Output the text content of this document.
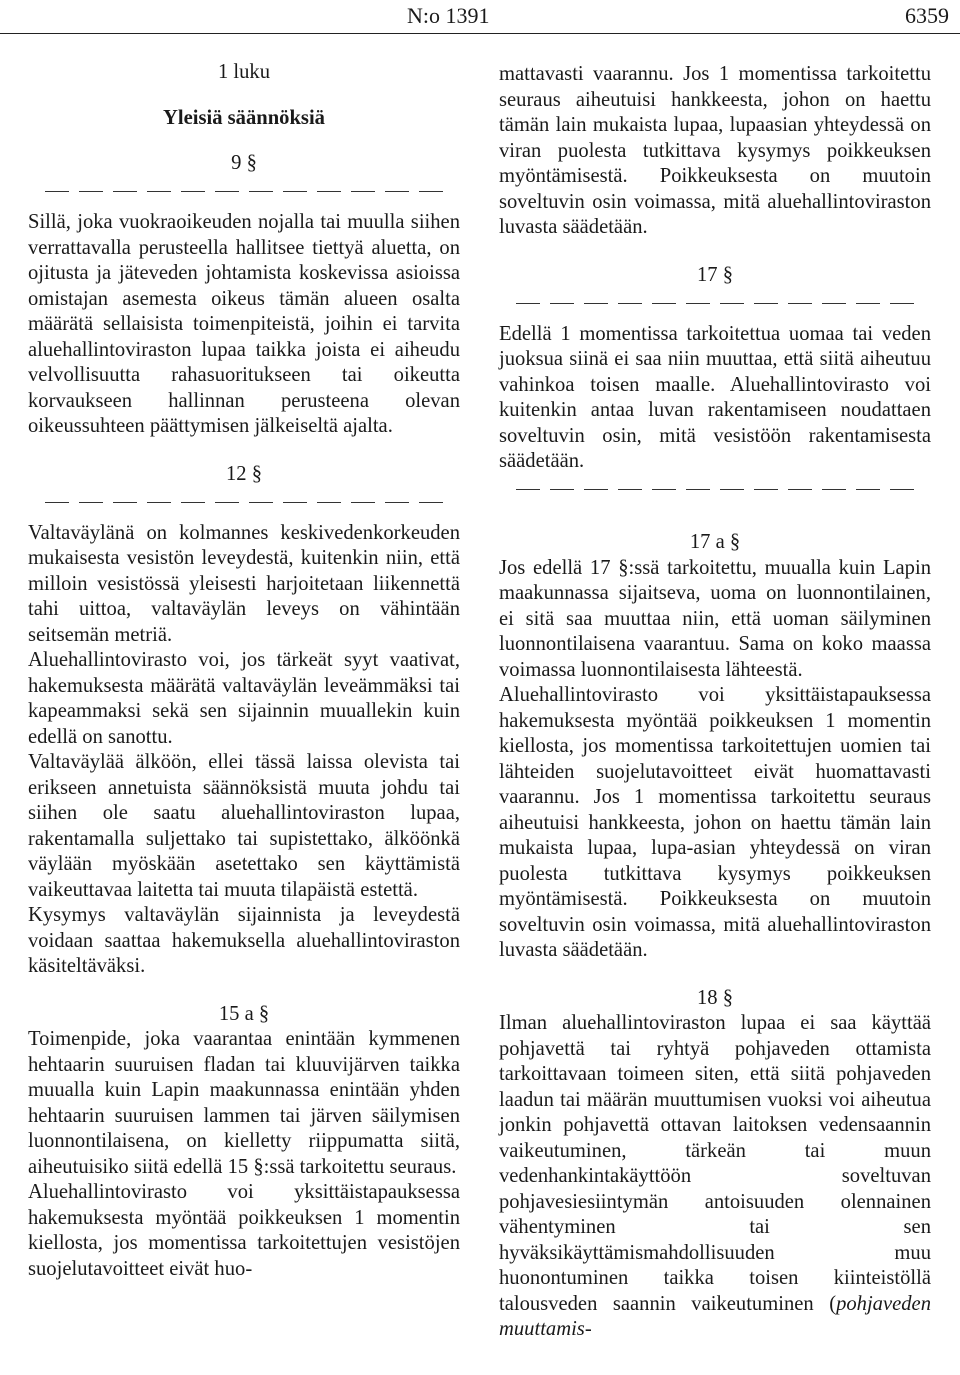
N:o 1391	6359
1 luku
Yleisiä säännöksiä
9 §

Sillä, joka vuokraoikeuden nojalla tai muulla siihen verrattavalla perusteella hallitsee tiettyä aluetta, on ojitusta ja jäteveden johtamista koskevissa asioissa omistajan asemesta oikeus tämän alueen osalta määrätä sellaisista toimenpiteistä, joihin ei tarvita aluehallintoviraston lupaa taikka joista ei aiheudu velvollisuutta rahasuoritukseen tai oikeutta korvaukseen hallinnan perusteena olevan oikeussuhteen päättymisen jälkeiseltä ajalta.

12 §

Valtaväylänä on kolmannes keskivedenkorkeuden mukaisesta vesistön leveydestä, kuitenkin niin, että milloin vesistössä yleisesti harjoitetaan liikennettä tahi uittoa, valtaväylän leveys on vähintään seitsemän metriä.

Aluehallintovirasto voi, jos tärkeät syyt vaativat, hakemuksesta määrätä valtaväylän leveämmäksi tai kapeammaksi sekä sen sijainnin muuallekin kuin edellä on sanottu.

Valtaväylää älköön, ellei tässä laissa olevista tai erikseen annetuista säännöksistä muuta johdu tai siihen ole saatu aluehallintoviraston lupaa, rakentamalla suljettako tai supistettako, älköönkä väylään myöskään asetettako sen käyttämistä vaikeuttavaa laitetta tai muuta tilapäistä estettä.

Kysymys valtaväylän sijainnista ja leveydestä voidaan saattaa hakemuksella aluehallintoviraston käsiteltäväksi.

15 a §

Toimenpide, joka vaarantaa enintään kymmenen hehtaarin suuruisen fladan tai kluuvijärven taikka muualla kuin Lapin maakunnassa enintään yhden hehtaarin suuruisen lammen tai järven säilymisen luonnontilaisena, on kielletty riippumatta siitä, aiheutuisiko siitä edellä 15 §:ssä tarkoitettu seuraus.

Aluehallintovirasto voi yksittäistapauksessa hakemuksesta myöntää poikkeuksen 1 momentin kiellosta, jos momentissa tarkoitettujen vesistöjen suojelutavoitteet eivät huo-

mattavasti vaarannu. Jos 1 momentissa tarkoitettu seuraus aiheutuisi hankkeesta, johon on haettu tämän lain mukaista lupaa, lupaasian yhteydessä on viran puolesta tutkittava kysymys poikkeuksen myöntämisestä. Poikkeuksesta on muutoin soveltuvin osin voimassa, mitä aluehallintoviraston luvasta säädetään.

17 §

Edellä 1 momentissa tarkoitettua uomaa tai veden juoksua siinä ei saa niin muuttaa, että siitä aiheutuu vahinkoa toisen maalle. Aluehallintovirasto voi kuitenkin antaa luvan rakentamiseen noudattaen soveltuvin osin, mitä vesistöön rakentamisesta säädetään.

17 a §

Jos edellä 17 §:ssä tarkoitettu, muualla kuin Lapin maakunnassa sijaitseva, uoma on luonnontilainen, ei sitä saa muuttaa niin, että uoman säilyminen luonnontilaisena vaarantuu. Sama on koko maassa voimassa luonnontilaisesta lähteestä.

Aluehallintovirasto voi yksittäistapauksessa hakemuksesta myöntää poikkeuksen 1 momentin kiellosta, jos momentissa tarkoitettujen uomien tai lähteiden suojelutavoitteet eivät huomattavasti vaarannu. Jos 1 momentissa tarkoitettu seuraus aiheutuisi hankkeesta, johon on haettu tämän lain mukaista lupaa, lupa-asian yhteydessä on viran puolesta tutkittava kysymys poikkeuksen myöntämisestä. Poikkeuksesta on muutoin soveltuvin osin voimassa, mitä aluehallintoviraston luvasta säädetään.

18 §

Ilman aluehallintoviraston lupaa ei saa käyttää pohjavettä tai ryhtyä pohjaveden ottamista tarkoittavaan toimeen siten, että siitä pohjaveden laadun tai määrän muuttumisen vuoksi voi aiheutua jonkin pohjavettä ottavan laitoksen vedensaannin vaikeutuminen, tärkeän tai muun vedenhankintakäyttöön soveltuvan pohjavesiesiintymän antoisuuden olennainen vähentyminen tai sen hyväksikäyttämismahdollisuuden muu huonontuminen taikka toisen kiinteistöllä talousveden saannin vaikeutuminen (pohjaveden muuttamis-
